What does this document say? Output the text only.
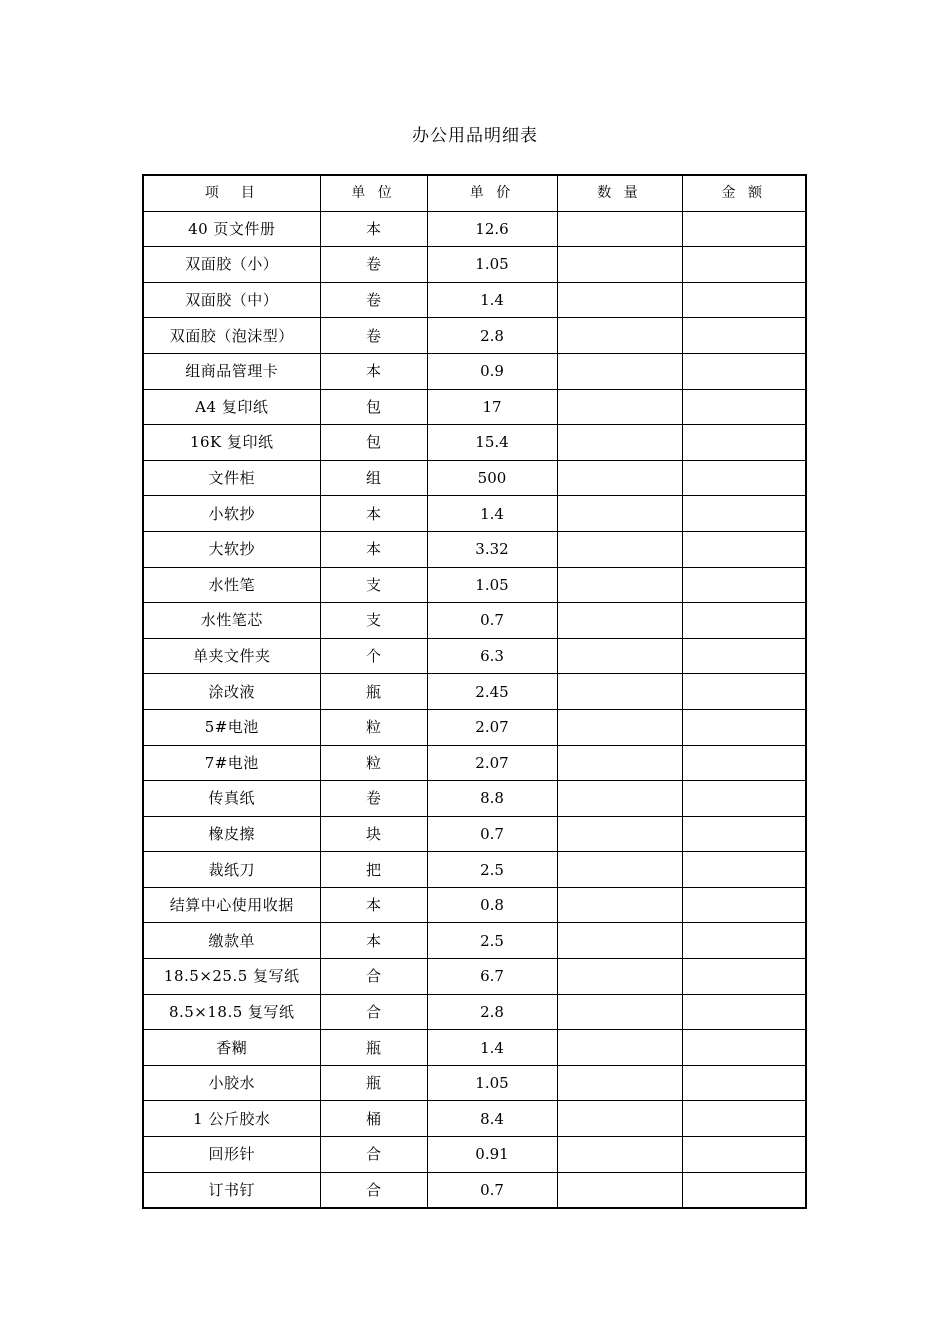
办公用品明细表
项　目	单 位	单 价	数 量	金 额
40 页文件册	本	12.6		
双面胶（小）	卷	1.05		
双面胶（中）	卷	1.4		
双面胶（泡沫型）	卷	2.8		
组商品管理卡	本	0.9		
A4 复印纸	包	17		
16K 复印纸	包	15.4		
文件柜	组	500		
小软抄	本	1.4		
大软抄	本	3.32		
水性笔	支	1.05		
水性笔芯	支	0.7		
单夹文件夹	个	6.3		
涂改液	瓶	2.45		
5#电池	粒	2.07		
7#电池	粒	2.07		
传真纸	卷	8.8		
橡皮擦	块	0.7		
裁纸刀	把	2.5		
结算中心使用收据	本	0.8		
缴款单	本	2.5		
18.5×25.5 复写纸	合	6.7		
8.5×18.5 复写纸	合	2.8		
香糊	瓶	1.4		
小胶水	瓶	1.05		
1 公斤胶水	桶	8.4		
回形针	合	0.91		
订书钉	合	0.7		
